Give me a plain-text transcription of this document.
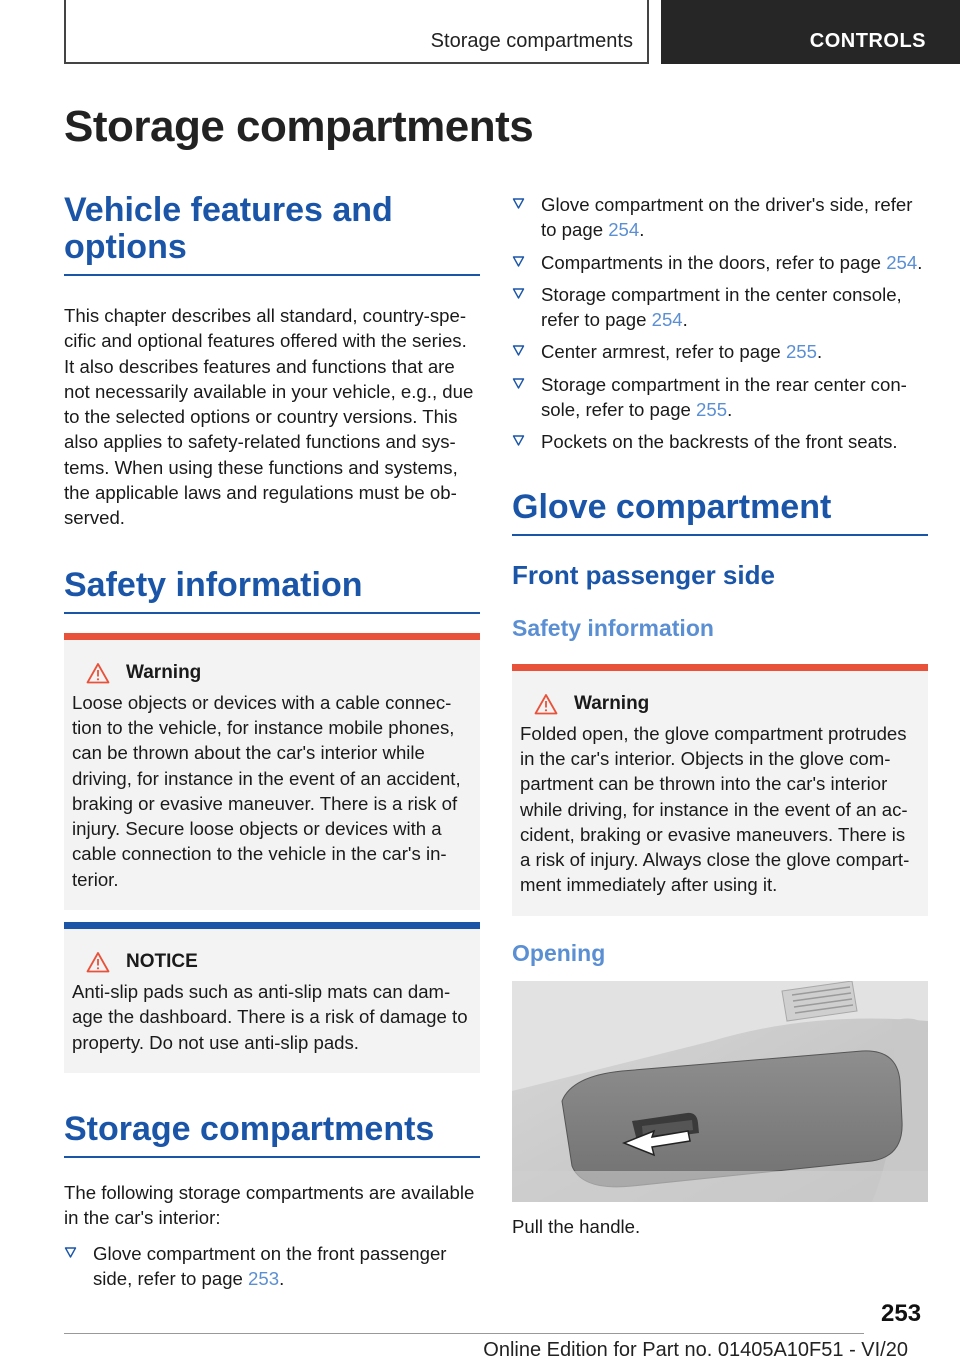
Storage compartments	CONTROLS
Storage compartments
Vehicle features and options

This chapter describes all standard, country-specific and optional features offered with the series. It also describes features and functions that are not necessarily available in your vehicle, e.g., due to the selected options or country versions. This also applies to safety-related functions and systems. When using these functions and systems, the applicable laws and regulations must be observed.

Safety information
Warning

Loose objects or devices with a cable connection to the vehicle, for instance mobile phones, can be thrown about the car's interior while driving, for instance in the event of an accident, braking or evasive maneuver. There is a risk of injury. Secure loose objects or devices with a cable connection to the vehicle in the car's interior.

NOTICE

Anti-slip pads such as anti-slip mats can damage the dashboard. There is a risk of damage to property. Do not use anti-slip pads.

Storage compartments

The following storage compartments are available in the car's interior:

Glove compartment on the front passenger side, refer to page 253.
Glove compartment on the driver's side, refer to page 254.
Compartments in the doors, refer to page 254.
Storage compartment in the center console, refer to page 254.
Center armrest, refer to page 255.
Storage compartment in the rear center console, refer to page 255.
Pockets on the backrests of the front seats.
Glove compartment
Front passenger side
Safety information
Warning

Folded open, the glove compartment protrudes in the car's interior. Objects in the glove compartment can be thrown into the car's interior while driving, for instance in the event of an accident, braking or evasive maneuvers. There is a risk of injury. Always close the glove compartment immediately after using it.

Opening

Pull the handle.

253
Online Edition for Part no. 01405A10F51 - VI/20
